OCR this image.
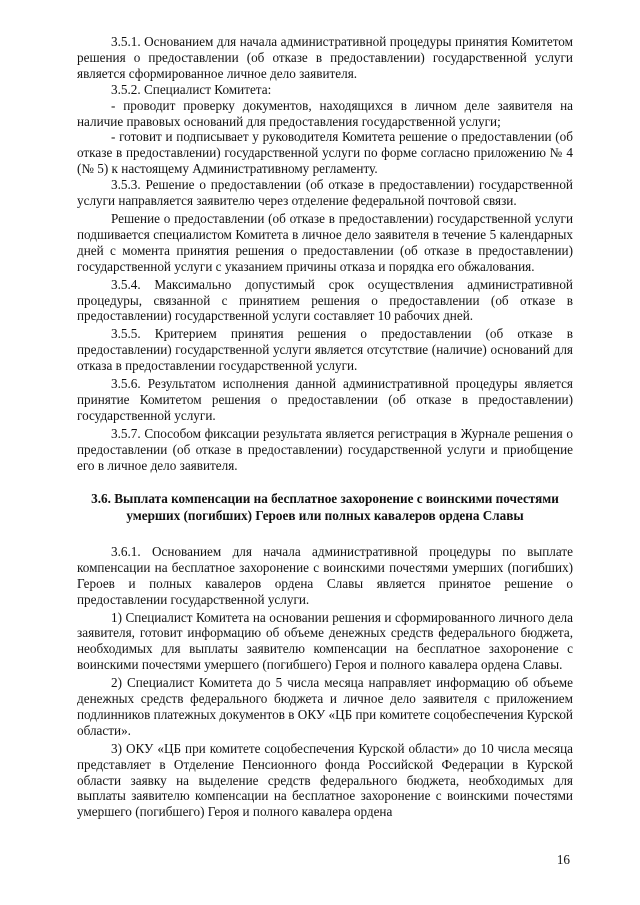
3.5.1. Основанием для начала административной процедуры принятия Комитетом решения о предоставлении (об отказе в предоставлении) государственной услуги является сформированное личное дело заявителя.

3.5.2. Специалист Комитета:

- проводит проверку документов, находящихся в личном деле заявителя на наличие правовых оснований для предоставления государственной услуги;

- готовит и подписывает у руководителя Комитета решение о предоставлении (об отказе в предоставлении) государственной услуги по форме согласно приложению № 4 (№ 5) к настоящему Административному регламенту.

3.5.3. Решение о предоставлении (об отказе в предоставлении) государственной услуги направляется заявителю через отделение федеральной почтовой связи.

Решение о предоставлении (об отказе в предоставлении) государственной услуги подшивается специалистом Комитета в личное дело заявителя в течение 5 календарных дней с момента принятия решения о предоставлении (об отказе в предоставлении) государственной услуги с указанием причины отказа и порядка его обжалования.

3.5.4. Максимально допустимый срок осуществления административной процедуры, связанной с принятием решения о предоставлении (об отказе в предоставлении) государственной услуги составляет 10 рабочих дней.

3.5.5. Критерием принятия решения о предоставлении (об отказе в предоставлении) государственной услуги является отсутствие (наличие) оснований для отказа в предоставлении государственной услуги.

3.5.6. Результатом исполнения данной административной процедуры является принятие Комитетом решения о предоставлении (об отказе в предоставлении) государственной услуги.

3.5.7. Способом фиксации результата является регистрация в Журнале решения о предоставлении (об отказе в предоставлении) государственной услуги и приобщение его в личное дело заявителя.

3.6. Выплата компенсации на бесплатное захоронение с воинскими почестями умерших (погибших) Героев или полных кавалеров ордена Славы

3.6.1. Основанием для начала административной процедуры по выплате компенсации на бесплатное захоронение с воинскими почестями умерших (погибших) Героев и полных кавалеров ордена Славы является принятое решение о предоставлении государственной услуги.

1) Специалист Комитета на основании решения и сформированного личного дела заявителя, готовит информацию об объеме денежных средств федерального бюджета, необходимых для выплаты заявителю компенсации на бесплатное захоронение с воинскими почестями умершего (погибшего) Героя и полного кавалера ордена Славы.

2) Специалист Комитета до 5 числа месяца направляет информацию об объеме денежных средств федерального бюджета и личное дело заявителя с приложением подлинников платежных документов в ОКУ «ЦБ при комитете соцобеспечения Курской области».

3) ОКУ «ЦБ при комитете соцобеспечения Курской области» до 10 числа месяца представляет в Отделение Пенсионного фонда Российской Федерации в Курской области заявку на выделение средств федерального бюджета, необходимых для выплаты заявителю компенсации на бесплатное захоронение с воинскими почестями умершего (погибшего) Героя и полного кавалера ордена

16
